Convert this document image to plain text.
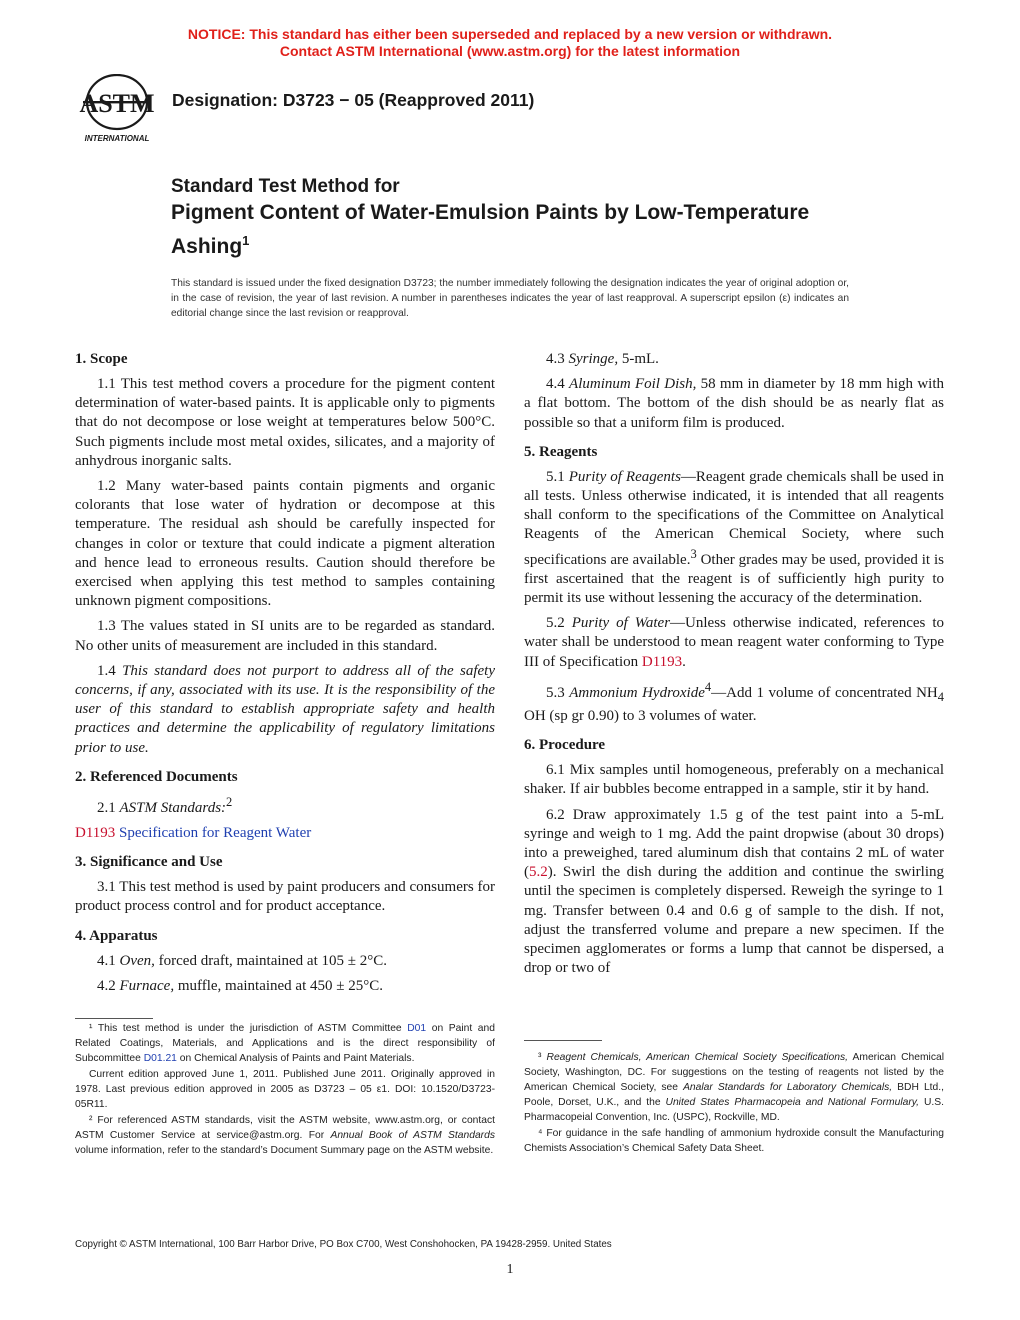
NOTICE: This standard has either been superseded and replaced by a new version or withdrawn.
Contact ASTM International (www.astm.org) for the latest information
ASTM
INTERNATIONAL
Designation: D3723 − 05 (Reapproved 2011)
Standard Test Method for
Pigment Content of Water-Emulsion Paints by Low-Temperature Ashing$^1$
This standard is issued under the fixed designation D3723; the number immediately following the designation indicates the year of original adoption or, in the case of revision, the year of last revision. A number in parentheses indicates the year of last reapproval. A superscript epsilon (ε) indicates an editorial change since the last revision or reapproval.
1. Scope

1.1 This test method covers a procedure for the pigment content determination of water-based paints. It is applicable only to pigments that do not decompose or lose weight at temperatures below 500°C. Such pigments include most metal oxides, silicates, and a majority of anhydrous inorganic salts.

1.2 Many water-based paints contain pigments and organic colorants that lose water of hydration or decompose at this temperature. The residual ash should be carefully inspected for changes in color or texture that could indicate a pigment alteration and hence lead to erroneous results. Caution should therefore be exercised when applying this test method to samples containing unknown pigment compositions.

1.3 The values stated in SI units are to be regarded as standard. No other units of measurement are included in this standard.

1.4 This standard does not purport to address all of the safety concerns, if any, associated with its use. It is the responsibility of the user of this standard to establish appropriate safety and health practices and determine the applicability of regulatory limitations prior to use.

2. Referenced Documents

2.1 ASTM Standards:$^2$

D1193 Specification for Reagent Water

3. Significance and Use

3.1 This test method is used by paint producers and consumers for product process control and for product acceptance.

4. Apparatus

4.1 Oven, forced draft, maintained at 105 ± 2°C.

4.2 Furnace, muffle, maintained at 450 ± 25°C.

4.3 Syringe, 5-mL.

4.4 Aluminum Foil Dish, 58 mm in diameter by 18 mm high with a flat bottom. The bottom of the dish should be as nearly flat as possible so that a uniform film is produced.

5. Reagents

5.1 Purity of Reagents—Reagent grade chemicals shall be used in all tests. Unless otherwise indicated, it is intended that all reagents shall conform to the specifications of the Committee on Analytical Reagents of the American Chemical Society, where such specifications are available.$^3$ Other grades may be used, provided it is first ascertained that the reagent is of sufficiently high purity to permit its use without lessening the accuracy of the determination.

5.2 Purity of Water—Unless otherwise indicated, references to water shall be understood to mean reagent water conforming to Type III of Specification D1193.

5.3 Ammonium Hydroxide$^4$—Add 1 volume of concentrated $NH_4$ OH (sp gr 0.90) to 3 volumes of water.

6. Procedure

6.1 Mix samples until homogeneous, preferably on a mechanical shaker. If air bubbles become entrapped in a sample, stir it by hand.

6.2 Draw approximately 1.5 g of the test paint into a 5-mL syringe and weigh to 1 mg. Add the paint dropwise (about 30 drops) into a preweighed, tared aluminum dish that contains 2 mL of water (5.2). Swirl the dish during the addition and continue the swirling until the specimen is completely dispersed. Reweigh the syringe to 1 mg. Transfer between 0.4 and 0.6 g of sample to the dish. If not, adjust the transferred volume and prepare a new specimen. If the specimen agglomerates or forms a lump that cannot be dispersed, a drop or two of

¹ This test method is under the jurisdiction of ASTM Committee D01 on Paint and Related Coatings, Materials, and Applications and is the direct responsibility of Subcommittee D01.21 on Chemical Analysis of Paints and Paint Materials.

Current edition approved June 1, 2011. Published June 2011. Originally approved in 1978. Last previous edition approved in 2005 as D3723 – 05 ε1. DOI: 10.1520/D3723-05R11.

² For referenced ASTM standards, visit the ASTM website, www.astm.org, or contact ASTM Customer Service at service@astm.org. For Annual Book of ASTM Standards volume information, refer to the standard’s Document Summary page on the ASTM website.

³ Reagent Chemicals, American Chemical Society Specifications, American Chemical Society, Washington, DC. For suggestions on the testing of reagents not listed by the American Chemical Society, see Analar Standards for Laboratory Chemicals, BDH Ltd., Poole, Dorset, U.K., and the United States Pharmacopeia and National Formulary, U.S. Pharmacopeial Convention, Inc. (USPC), Rockville, MD.

⁴ For guidance in the safe handling of ammonium hydroxide consult the Manufacturing Chemists Association’s Chemical Safety Data Sheet.

Copyright © ASTM International, 100 Barr Harbor Drive, PO Box C700, West Conshohocken, PA 19428-2959. United States
1
